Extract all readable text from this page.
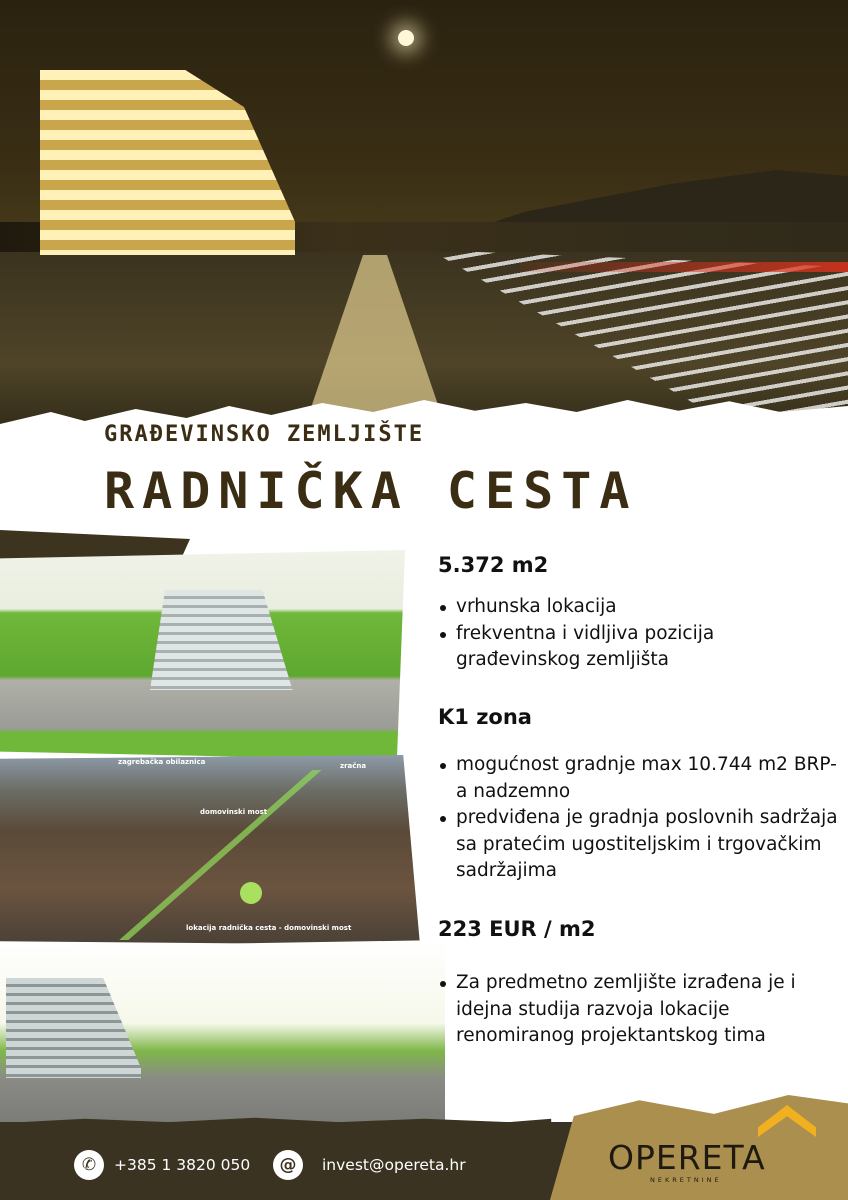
GRAĐEVINSKO ZEMLJIŠTE
RADNIČKA CESTA
zagrebačka obilaznica	zračna
domovinski most
lokacija radnička cesta - domovinski most
5.372 m2
vrhunska lokacija
frekventna i vidljiva pozicija građevinskog zemljišta
K1 zona
mogućnost gradnje max 10.744 m2 BRP-a nadzemno
predviđena je gradnja poslovnih sadržaja sa pratećim ugostiteljskim i trgovačkim sadržajima
223 EUR / m2
Za predmetno zemljište izrađena je i idejna studija razvoja lokacije renomiranog projektantskog tima
✆	+385 1 3820 050	@	invest@opereta.hr	OPERETA
NEKRETNINE
